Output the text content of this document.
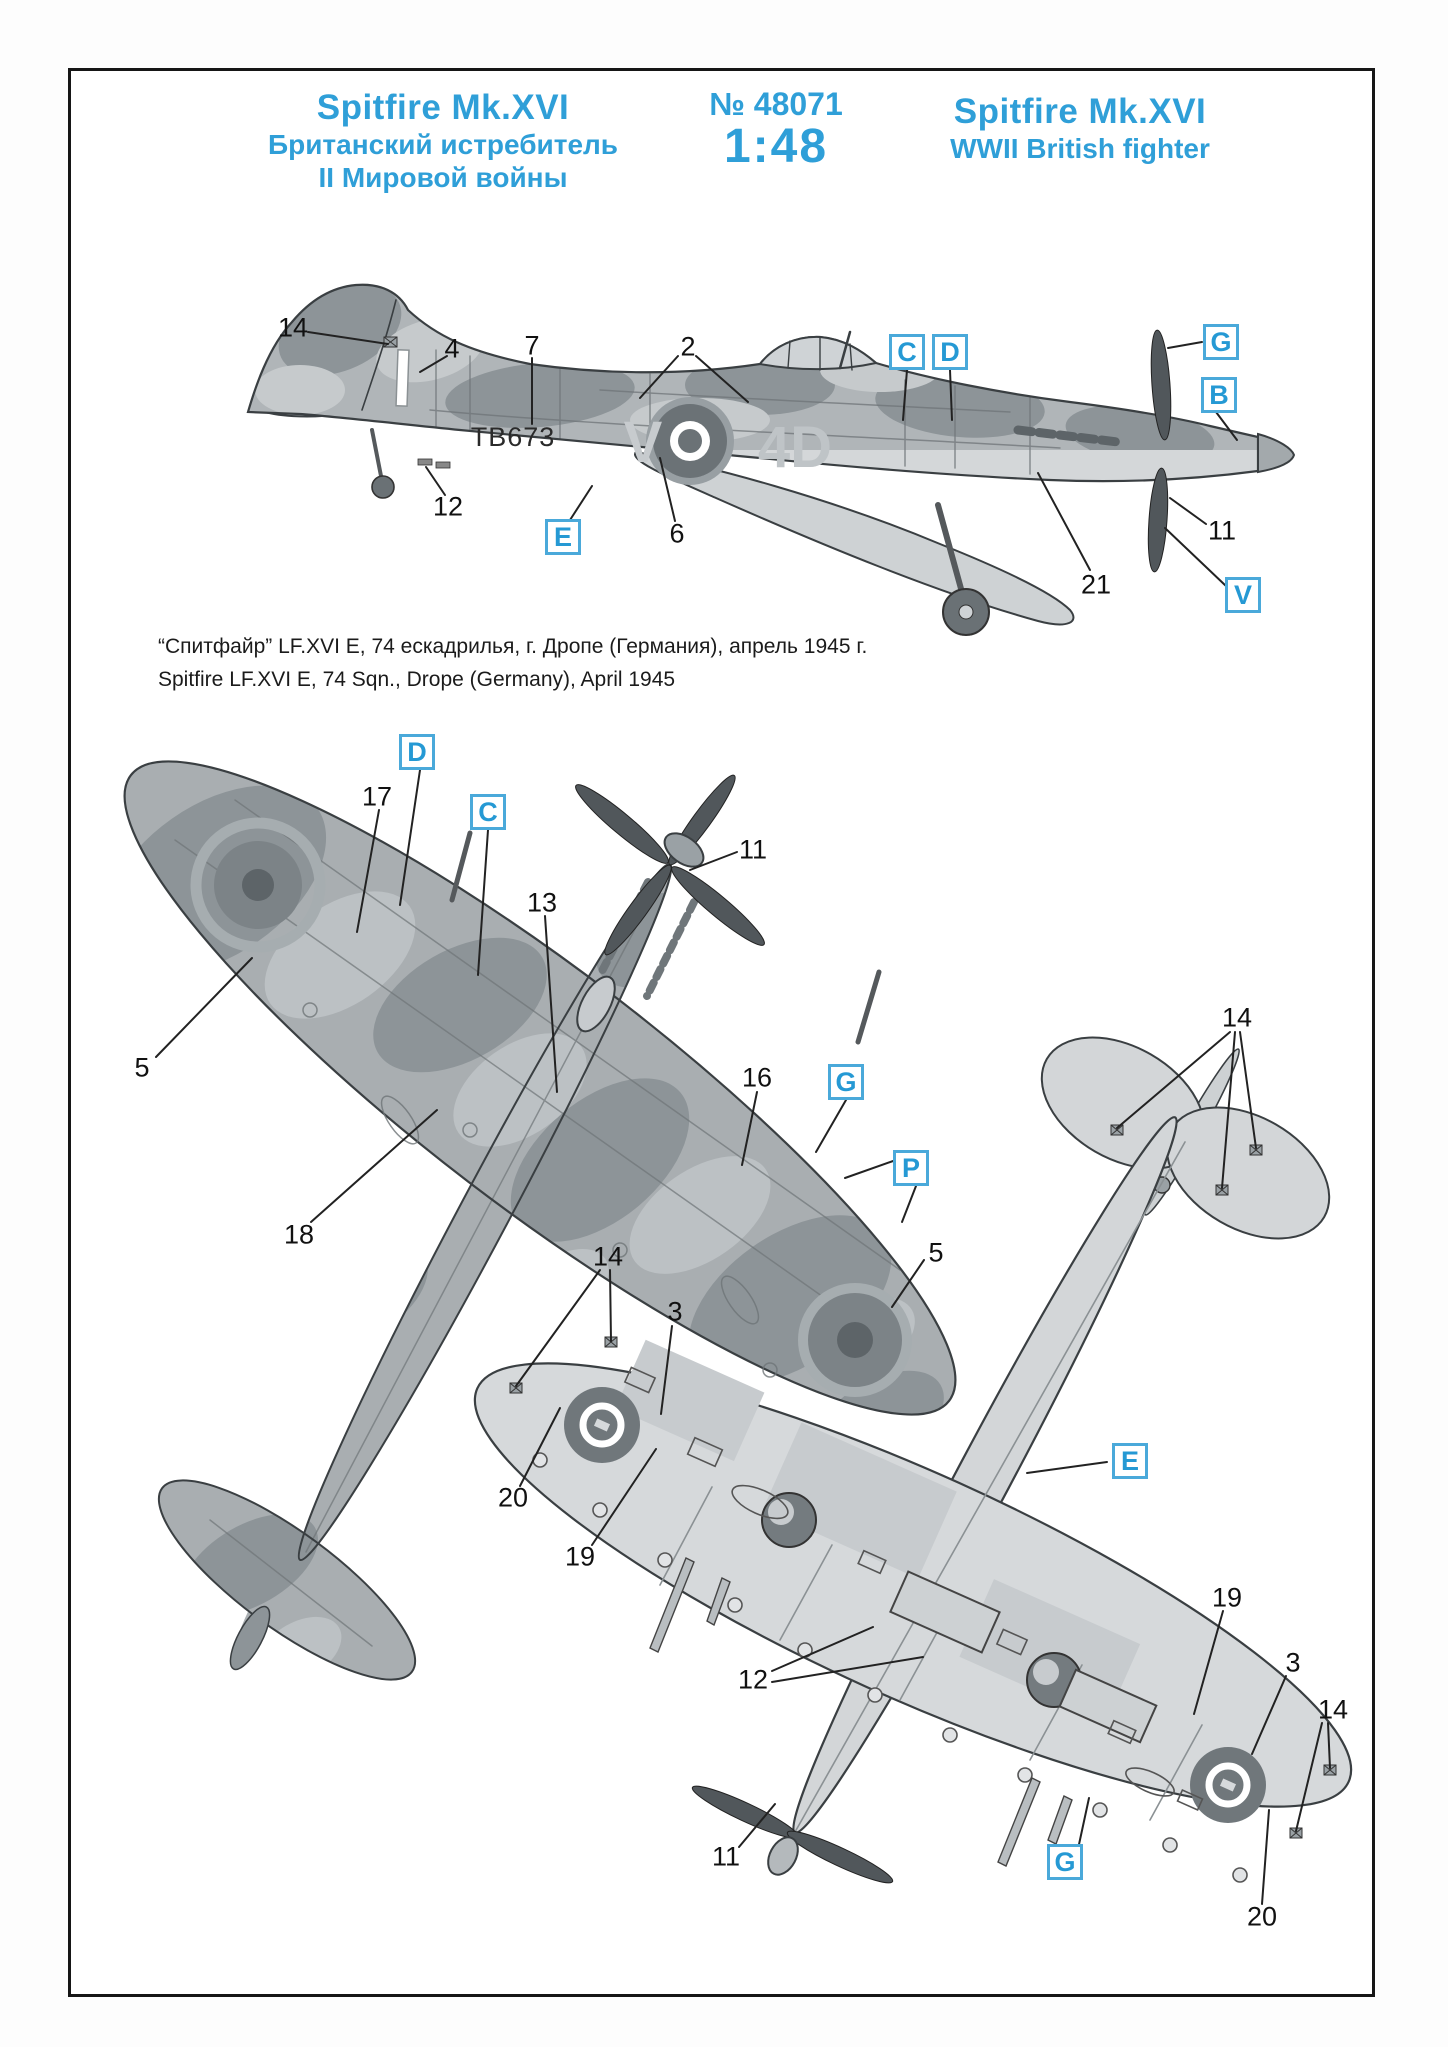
Spitfire Mk.XVI
Британский истребитель
II Мировой войны
№ 48071
1:48
Spitfire Mk.XVI
WWII British fighter
“Спитфайр” LF.XVI E, 74 ескадрилья, г. Дропе (Германия), апрель 1945 г.
Spitfire LF.XVI E, 74 Sqn., Drope (Germany), April 1945
V 4D
TB673
14
4 7	2	C D	G
B
11
V
21
12
E	6
D
17
C
13
11
5
18
16 G
P
5
14
14
3
20
19
12
E
19
3
14
G
20
11
